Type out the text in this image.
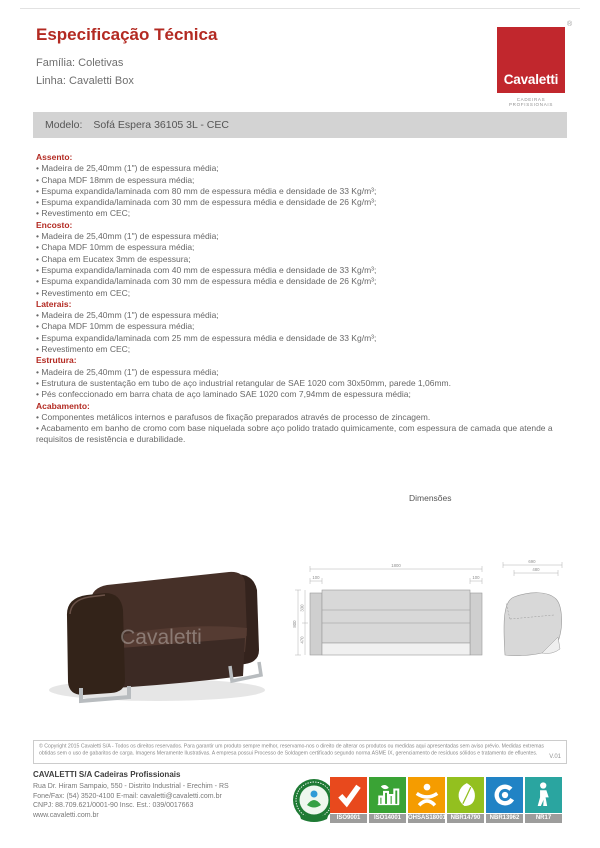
Especificação Técnica
Família: Coletivas
Linha: Cavaletti Box	Cavaletti
®
CADEIRAS PROFISSIONAIS
Modelo: Sofá Espera 36105 3L - CEC
Assento:
• Madeira de 25,40mm (1") de espessura média;
• Chapa MDF 18mm de espessura média;
• Espuma expandida/laminada com 80 mm de espessura média e densidade de 33 Kg/m³;
• Espuma expandida/laminada com 30 mm de espessura média e densidade de 26 Kg/m³;
• Revestimento em CEC;
Encosto:
• Madeira de 25,40mm (1") de espessura média;
• Chapa MDF 10mm de espessura média;
• Chapa em Eucatex 3mm de espessura;
• Espuma expandida/laminada com 40 mm de espessura média e densidade de 33 Kg/m³;
• Espuma expandida/laminada com 30 mm de espessura média e densidade de 26 Kg/m³;
• Revestimento em CEC;
Laterais:
• Madeira de 25,40mm (1") de espessura média;
• Chapa MDF 10mm de espessura média;
• Espuma expandida/laminada com 25 mm de espessura média e densidade de 33 Kg/m³;
• Revestimento em CEC;
Estrutura:
• Madeira de 25,40mm (1") de espessura média;
• Estrutura de sustentação em tubo de aço industrial retangular de SAE 1020 com 30x50mm, parede 1,06mm.
• Pés confeccionado em barra chata de aço laminado SAE 1020 com 7,94mm de espessura média;
Acabamento:
• Componentes metálicos internos e parafusos de fixação preparados através de processo de zincagem.
• Acabamento em banho de cromo com base niquelada sobre aço polido tratado quimicamente, com espessura de camada que atende a requisitos de resistência e durabilidade.
Dimensões
Cavaletti
1800
100	100
800
330
470
690
480
© Copyright 2015 Cavaletti S/A - Todos os direitos reservados. Para garantir um produto sempre melhor, reservamo-nos o direito de alterar os produtos ou medidas aqui apresentadas sem aviso prévio. Medidas extremas obtidas sem o uso de gabaritos de carga. Imagens Meramente Ilustrativas. A empresa possui Processo de Soldagem certificado segundo norma ASME IX, gerenciamento de resíduos sólidos e tratamento de efluentes.
V.01
CAVALETTI S/A Cadeiras Profissionais
Rua Dr. Hiram Sampaio, 550 - Distrito Industrial - Erechim - RS
Fone/Fax: (54) 3520-4100 E-mail: cavaletti@cavaletti.com.br
CNPJ: 88.709.621/0001-90 Insc. Est.: 039/0017663
www.cavaletti.com.br	ISO9001	ISO14001	OHSAS18001 NBR14790	NBR13962	NR17
